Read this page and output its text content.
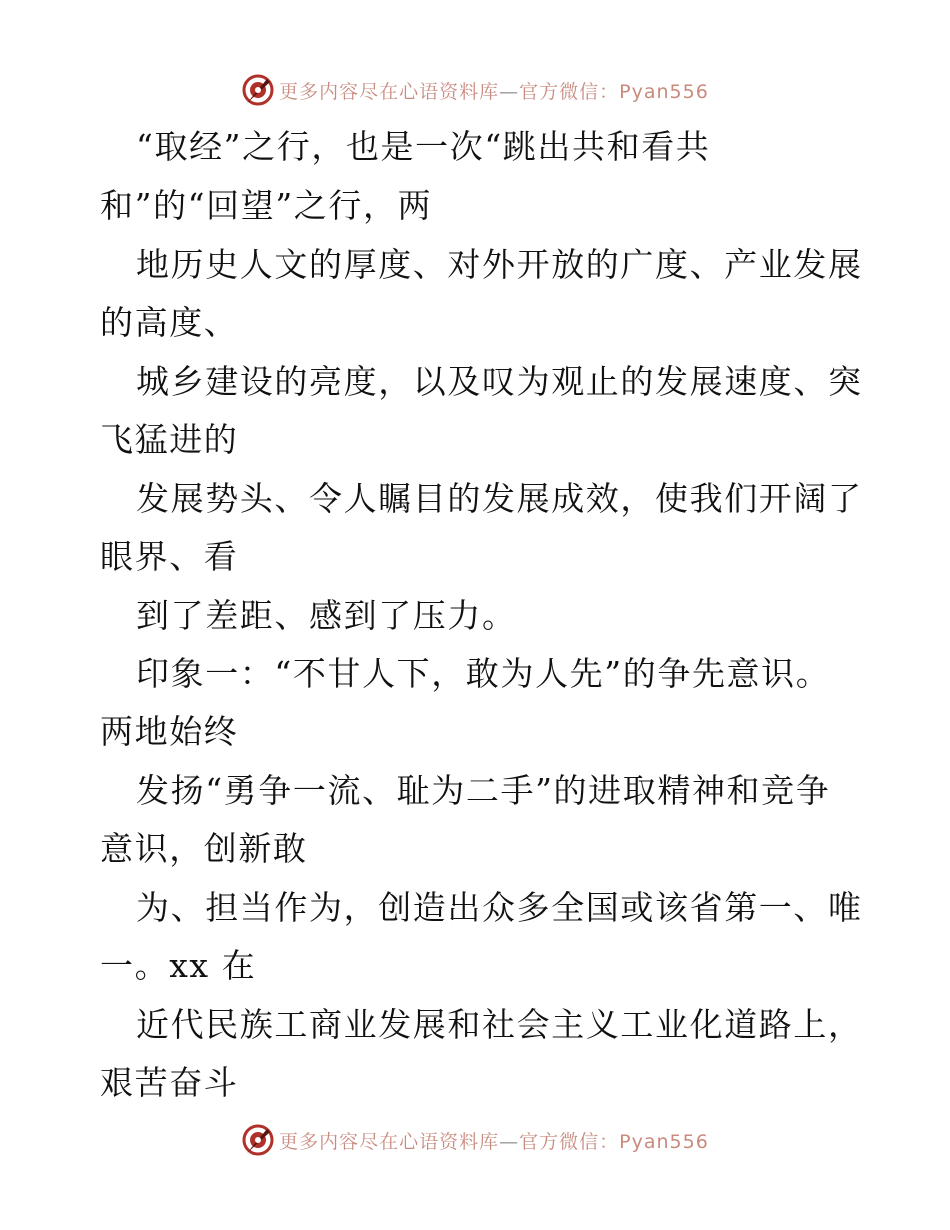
更多内容尽在心语资料库—官方微信：Pyan556
“取经”之行，也是一次“跳出共和看共
和”的“回望”之行，两
地历史人文的厚度、对外开放的广度、产业发展
的高度、
城乡建设的亮度，以及叹为观止的发展速度、突
飞猛进的
发展势头、令人瞩目的发展成效，使我们开阔了
眼界、看
到了差距、感到了压力。
印象一：“不甘人下，敢为人先”的争先意识。
两地始终
发扬“勇争一流、耻为二手”的进取精神和竞争
意识，创新敢
为、担当作为，创造出众多全国或该省第一、唯
一。xx 在
近代民族工商业发展和社会主义工业化道路上，
艰苦奋斗
更多内容尽在心语资料库—官方微信：Pyan556
